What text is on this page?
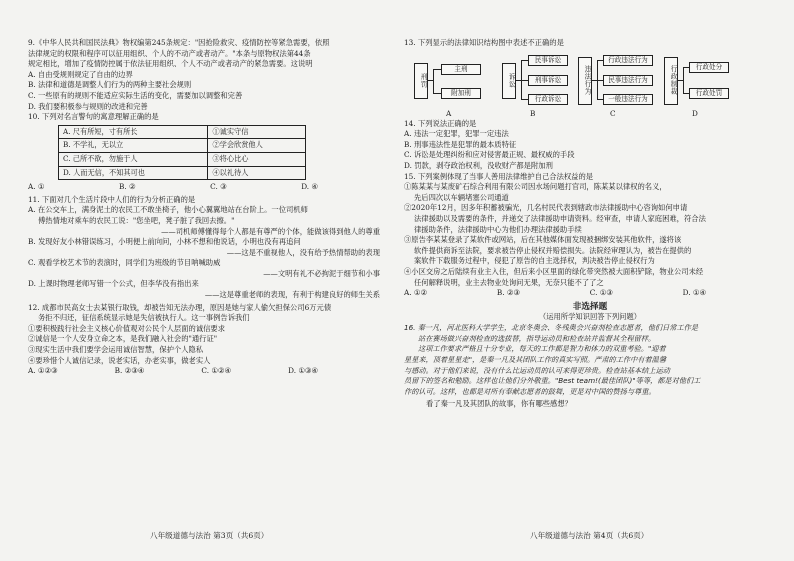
9.《中华人民共和国民法典》物权编第245条规定："因抢险救灾、疫情防控等紧急需要，依照

法律规定的权限和程序可以征用组织、个人的不动产或者动产。"本条与原物权法第44条

规定相比，增加了疫情防控属于依法征用组织、个人不动产或者动产的紧急需要。这说明

A. 自由受规则规定了自由的边界

B. 法律和道德是调整人们行为的两种主要社会规则

C. 一些原有的规则不能适应实际生活的变化，需要加以调整和完善

D. 我们要积极参与规则的改进和完善

10. 下列对名言警句的寓意理解正确的是

A. 尺有所短，寸有所长	①诚实守信
B. 不学礼，无以立	②学会欣赏他人
C. 己所不欲，勿施于人	③将心比心
D. 人而无信，不知其可也	④以礼待人
A. ①	B. ②	C. ③	D. ④

11. 下面对几个生活片段中人们的行为分析正确的是

A. 在公交车上，满身泥土的农民工不敢坐椅子，他小心翼翼地站在台阶上。一位司机师

傅热情地对乘车的农民工说："您坐吧，凳子脏了我回去擦。"

——司机师傅懂得每个人都是有尊严的个体，能做该得到他人的尊重

B. 发现好友小林错误练习，小明便上前向问，小林不想和他说话，小明也没有再追问

——这是不重视他人，没有给予热情帮助的表现

C. 观看学校艺术节的表演时，同学们为班级的节目呐喊助威

——文明有礼不必拘泥于细节和小事

D. 上课时物理老师写错一个公式，但李华没有指出来

——这是尊重老师的表现，有利于构建良好的师生关系

12. 成都市民高女士去某银行取钱，却被告知无法办理，原因是她与家人偷欠担保公司6万元债

务拒不归还，征信系统显示她是失信被执行人。这一事例告诉我们

①要积极践行社会主义核心价值观对公民个人层面的诚信要求

②诚信是一个人安身立命之本，是我们融入社会的"通行证"

③现实生活中我们要学会运用诚信智慧，保护个人隐私

④要珍惜个人诚信记录，说老实话，办老实事，做老实人

A. ①②③	B. ②③④	C. ①②④	D. ①③④
八年级道德与法治 第3页（共6页）

13. 下列显示的法律知识结构图中表述不正确的是

刑罚
主刑
附加刑
诉讼
民事诉讼
刑事诉讼
行政诉讼
违法行为
行政违法行为
民事违法行为
一般违法行为
行政制裁	行政处分
行政处罚
A	B	C	D

14. 下列说法正确的是

A. 违法一定犯罪，犯罪一定违法

B. 刑事违法性是犯罪的最本质特征

C. 诉讼是处理纠纷和应对侵害最正规、最权威的手段

D. 罚款，剥夺政治权利，没收财产都是附加刑

15. 下列案例体现了当事人善用法律维护自己合法权益的是

①陈某某与某废矿石综合利用有限公司因水场问题打官司，陈某某以律权的名义，

先后四次以车辆堵塞公司通道

②2020年12月，因多年积蓄被骗光，几名村民代表到辖政市法律援助中心咨询如何申请

法律援助以及需要的条件，并递交了法律援助申请资料。经审查，申请人家庭困难，符合法

律援助条件，法律援助中心为他们办理法律援助手续

③原告李某某登录了某软件或网站，后在其他媒体面发现被捆绑安装其他软件，遂将该

软件提供商诉至法院，要求被告停止侵权并赔偿损失。法院经审理认为，被告在提供的

案软件下载服务过程中，侵犯了原告的自主选择权，判决被告停止侵权行为

④小区交房之后陆续有业主入住，但后来小区里面的绿化带突然被大面积铲除，物业公司未经

任何解释说明，业主去物业处询问无果，无奈只能不了了之

A. ①②	B. ②③	C. ①③	D. ①④
非选择题
（运用所学知识回答下列问题）

16. 秦一凡，河北医科大学学生，北京冬奥会、冬残奥会兴奋剂检查志愿者，他们日常工作是

站在赛场做兴奋剂检查的选拔替，指导运动员和检查站并监督其全程留样。

这项工作要求严格且十分专业，每天的工作都是智力和体力的双重考验。"迎着

星星来，顶着星星走"，是秦一凡及其团队工作的真实写照。严肃的工作中有着温馨

与感动。对于他们来说，没有什么比运动员的认可来得更珍贵。检查站基本结上运动

员留下的签名和勉励。这样也让他们分外敬重。"Best team!(最佳团队)"等等，都是对他们工

作的认可。这样，也都是对所有奉献志愿者的鼓舞，更是对中国的赞扬与尊重。

看了秦一凡及其团队的故事，你有哪些感想？

八年级道德与法治 第4页（共6页）
